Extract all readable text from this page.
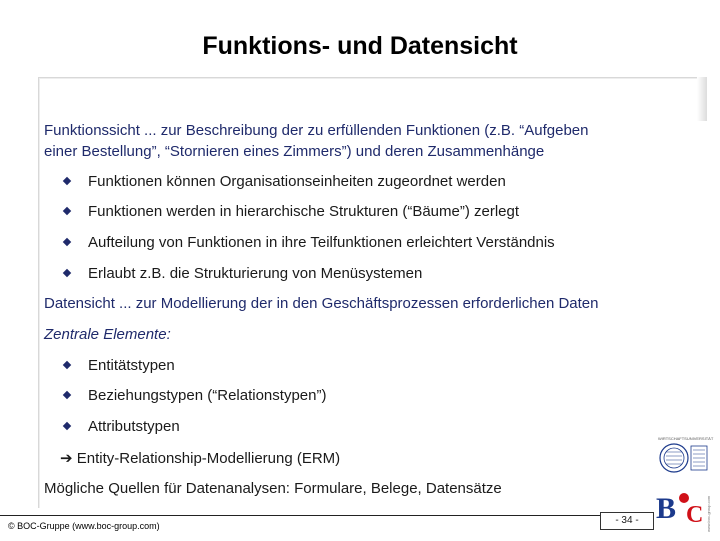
Funktions- und Datensicht
Funktionssicht ... zur Beschreibung der zu erfüllenden Funktionen (z.B. “Aufgeben
einer Bestellung”, “Stornieren eines Zimmers”) und deren Zusammenhänge
Funktionen können Organisationseinheiten zugeordnet werden
Funktionen werden in hierarchische Strukturen (“Bäume”) zerlegt
Aufteilung von Funktionen in ihre Teilfunktionen erleichtert Verständnis
Erlaubt z.B. die Strukturierung von Menüsystemen
Datensicht ... zur Modellierung der in den Geschäftsprozessen erforderlichen Daten
Zentrale Elemente:
Entitätstypen
Beziehungstypen (“Relationstypen”)
Attributstypen
➔ Entity-Relationship-Modellierung (ERM)
Mögliche Quellen für Datenanalysen: Formulare, Belege, Datensätze
© BOC-Gruppe (www.boc-group.com)	- 34 -
WIRTSCHAFTSUNIVERSITÄT
B C www.boc-group.com
